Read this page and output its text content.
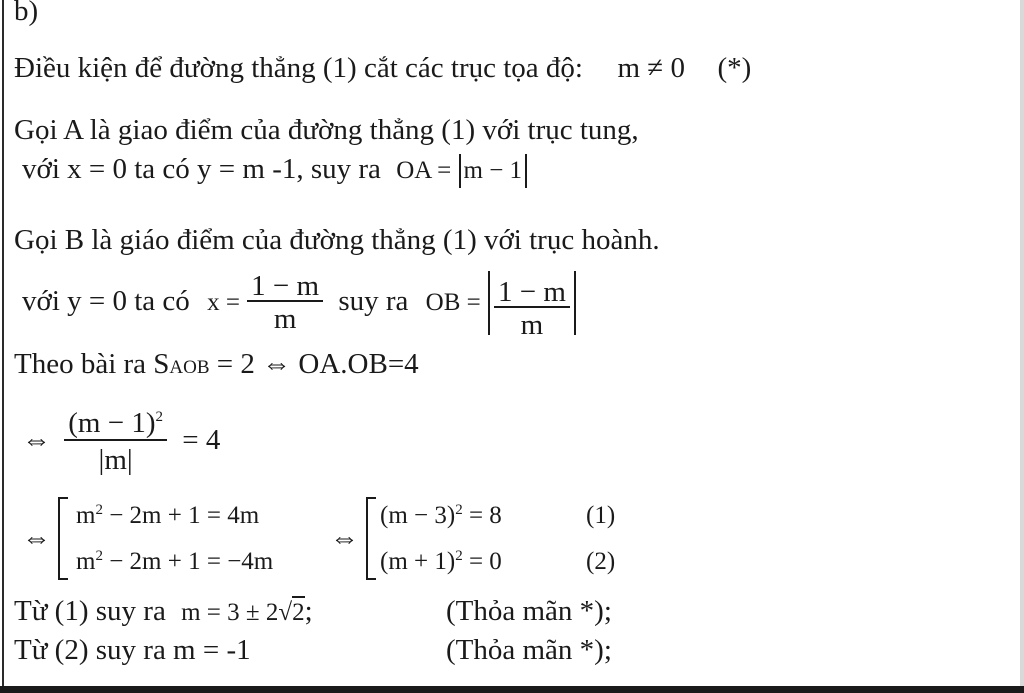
b)
Điều kiện để đường thẳng (1) cắt các trục tọa độ: m ≠ 0 (*)
Gọi A là giao điểm của đường thẳng (1) với trục tung,
với x = 0 ta có y = m -1, suy ra OA = m − 1
Gọi B là giáo điểm của đường thẳng (1) với trục hoành.
với y = 0 ta có $x = \frac{1 - m}{m}$ suy ra OB = $\frac{1 - m}{m}$
Theo bài ra SAOB = 2 ⇔ OA.OB=4
⇔ $\frac{(m - 1)^2}{|m|} = 4$
⇔
$m^2 - 2m + 1 = 4m$
$m^2 - 2m + 1 = -4m$
⇔
$(m - 3)^2 = 8$
$(m + 1)^2 = 0$
(1)
(2)
Từ (1) suy ra m = 3 ± 2√2;	(Thỏa mãn *);
Từ (2) suy ra m = -1	(Thỏa mãn *);
